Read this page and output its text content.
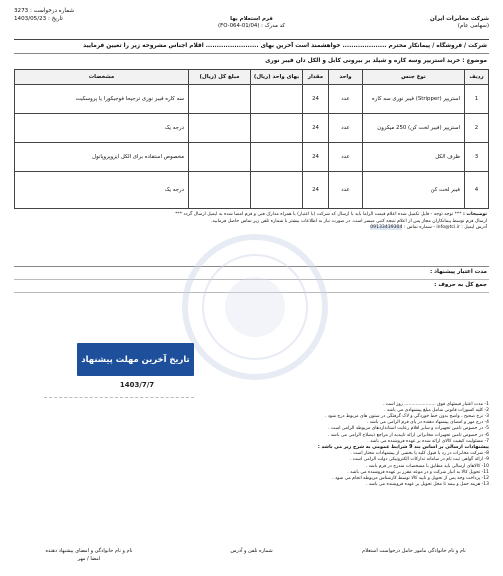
شرکت مخابرات ایران
(سهامی عام)
فرم استعلام بها
کد مدرک : (FO-064-01/04)
شماره درخواست : 3273
تاریخ : 1403/05/23
شرکت / فروشگاه / پیمانکار محترم .................... خواهشمند است آخرین بهای ........................ اقلام اجناس مشروحه زیر را تعیین فرمایید
موضوع : خرید استریپر وسه کاره و شیلد بر بیرونی کابل و الکل دان فیبر نوری
ردیف	نوع جنس	واحد	مقدار	بهای واحد (ریال)	مبلغ کل (ریال)	مشخصات
1	استریپر (Stripper) فیبر نوری سه کاره	عدد	24			سه کاره فیبر نوری ترجیحا فوجیکورا یا پروسکیت
2	استریپر (فیبر لخت کن) 250 میکرون	عدد	24			درجه یک
3	ظرف الکل	عدد	24			مخصوص استفاده برای الکل ایزوپروپانول
4	فیبر لخت کن	عدد	24			درجه یک
توضیحات : *** توجه توجه - فایل تکمیل شده اعلام قیمت الزاما باید با ارسال کد شرکت (با اعتبار) با همراه مدارک فنی و فرم امضا شده به ایمیل ارسال گردد ***
ارسال فرم توسط پیمانکاران مجاز پس از اعلام نتیجه کتبی میسر است. در صورت نیاز به اطلاعات بیشتر با شماره تلفن زیر تماس حاصل فرمایید.
آدرس ایمیل : info@tci.ir - شماره تماس : 09133439304
مدت اعتبار پیشنهاد :
جمع کل به حروف :
تاریخ آخرین مهلت پیشنهاد
1403/7/7
1- مدت اعتبار قیمتهای فوق ...................... روز است .
2- کلیه کسورات قانونی شامل مبلغ پیشنهادی می باشد .
3- نرخ صحیح ، واضح بدون خط خوردگی و لاک گرفتگی در ستون های مربوط درج شود .
4- درج مهر و امضای پیشنهاد دهنده در پای فرم الزامی می باشد .
5- در خصوص تامین تجهیزات و سایر اقلام رعایت استانداردهای مربوطه الزامی است .
6- در خصوص تامین تجهیزات مخابراتی ارائه تاییدیه از مراجع ذیصلاح الزامی می باشد .
7- مسئولیت کیفیت کالای ارائه شده بر عهده فروشنده می باشد .
پیشنهادات ارسالی بر اساس بند 9 شرایط عمومی به شرح زیر می باشد :
8- شرکت مخابرات در رد یا قبول کلیه یا بخشی از پیشنهادات مختار است .
9- ارائه گواهی ثبت نام در سامانه تدارکات الکترونیکی دولت الزامی است .
10- کالاهای ارسالی باید مطابق با مشخصات مندرج در فرم باشد .
11- تحویل کالا به انبار شرکت و در موعد مقرر بر عهده فروشنده می باشد .
12- پرداخت وجه پس از تحویل و تایید کالا توسط کارشناس مربوطه انجام می شود .
13- هزینه حمل و بیمه تا محل تحویل بر عهده فروشنده می باشد .
نام و نام خانوادگی مامور حامل درخواست استعلام
شماره تلفن و آدرس
نام و نام خانوادگی و امضای پیشنهاد دهنده
امضا / مهر
